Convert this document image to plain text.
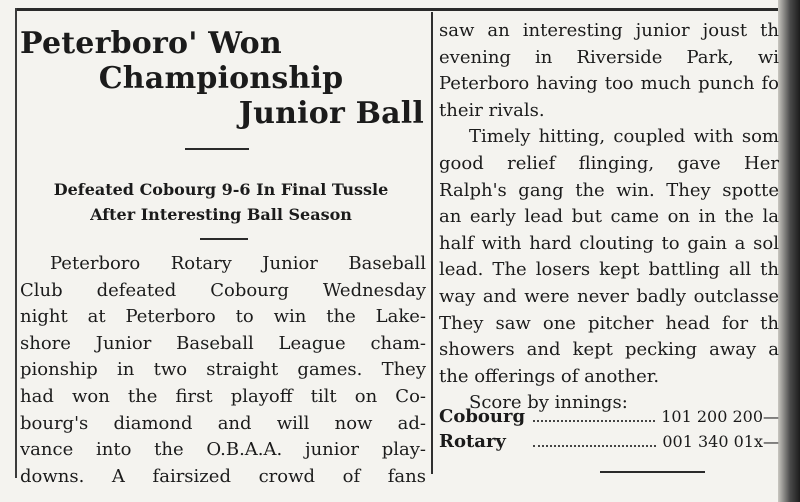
Peterboro' Won
Championship
Junior Ball
Defeated Cobourg 9-6 In Final Tussle
After Interesting Ball Season
Peterboro Rotary Junior Baseball
Club defeated Cobourg Wednesday
night at Peterboro to win the Lake-
shore Junior Baseball League cham-
pionship in two straight games. They
had won the first playoff tilt on Co-
bourg's diamond and will now ad-
vance into the O.B.A.A. junior play-
downs. A fairsized crowd of fans
saw an interesting junior joust th
evening in Riverside Park, wi
Peterboro having too much punch fo
their rivals.
Timely hitting, coupled with som
good relief flinging, gave Her
Ralph's gang the win. They spotte
an early lead but came on in the la
half with hard clouting to gain a sol
lead. The losers kept battling all th
way and were never badly outclasse
They saw one pitcher head for th
showers and kept pecking away a
the offerings of another.
Score by innings:
Cobourg	101 200 200—
Rotary	001 340 01x—
